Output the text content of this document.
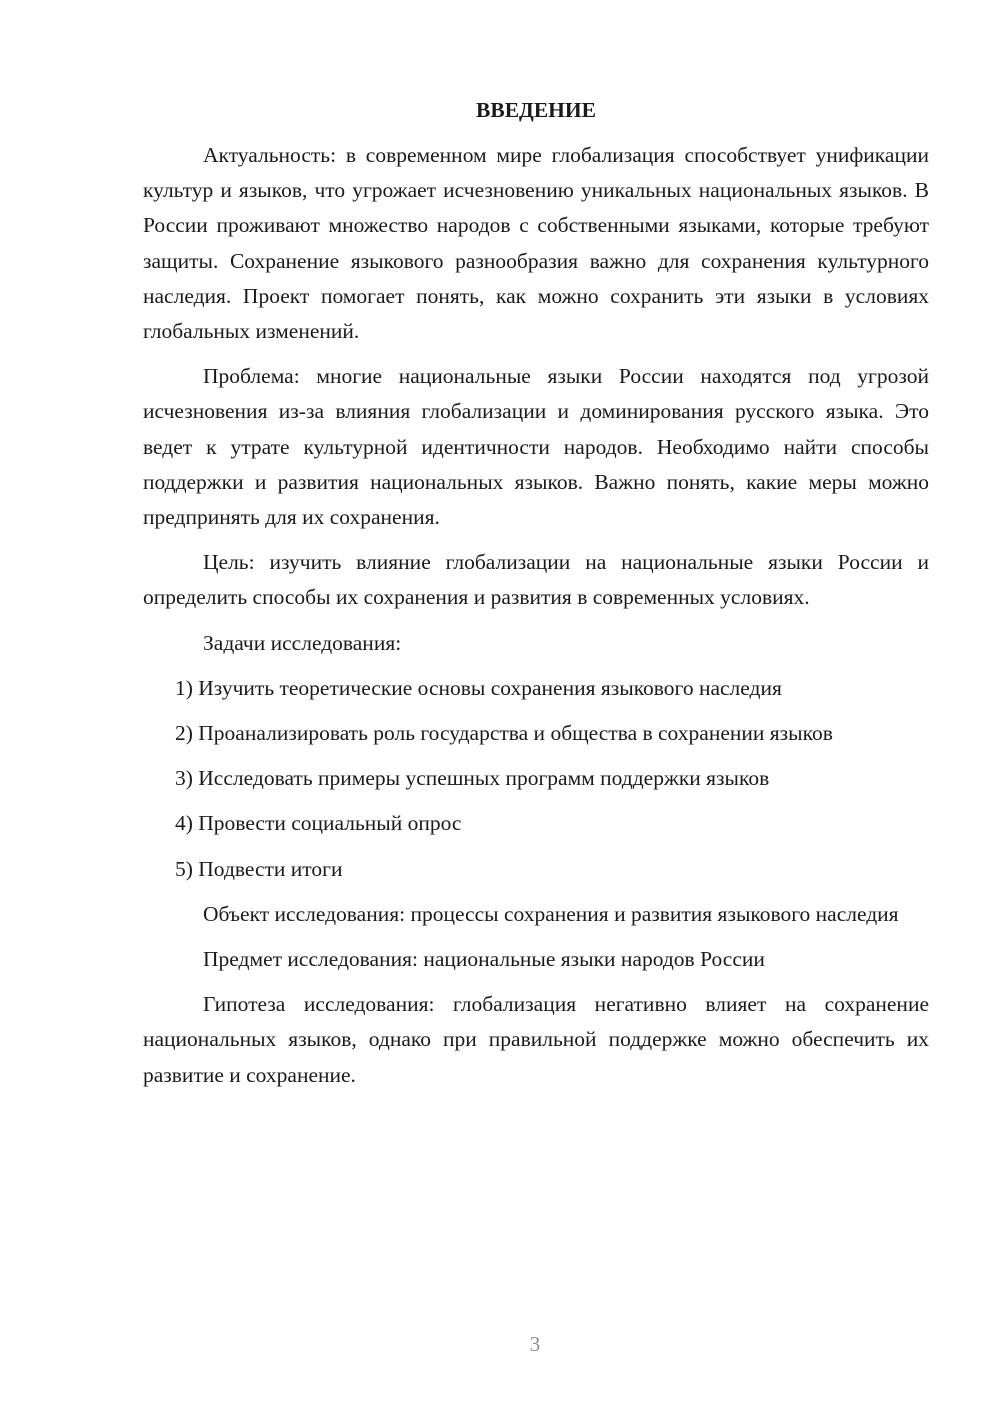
ВВЕДЕНИЕ

Актуальность: в современном мире глобализация способствует унификации культур и языков, что угрожает исчезновению уникальных национальных языков. В России проживают множество народов с собственными языками, которые требуют защиты. Сохранение языкового разнообразия важно для сохранения культурного наследия. Проект помогает понять, как можно сохранить эти языки в условиях глобальных изменений.

Проблема: многие национальные языки России находятся под угрозой исчезновения из-за влияния глобализации и доминирования русского языка. Это ведет к утрате культурной идентичности народов. Необходимо найти способы поддержки и развития национальных языков. Важно понять, какие меры можно предпринять для их сохранения.

Цель: изучить влияние глобализации на национальные языки России и определить способы их сохранения и развития в современных условиях.

Задачи исследования:

1) Изучить теоретические основы сохранения языкового наследия

2) Проанализировать роль государства и общества в сохранении языков

3) Исследовать примеры успешных программ поддержки языков

4) Провести социальный опрос

5) Подвести итоги

Объект исследования: процессы сохранения и развития языкового наследия

Предмет исследования: национальные языки народов России

Гипотеза исследования: глобализация негативно влияет на сохранение национальных языков, однако при правильной поддержке можно обеспечить их развитие и сохранение.

3
